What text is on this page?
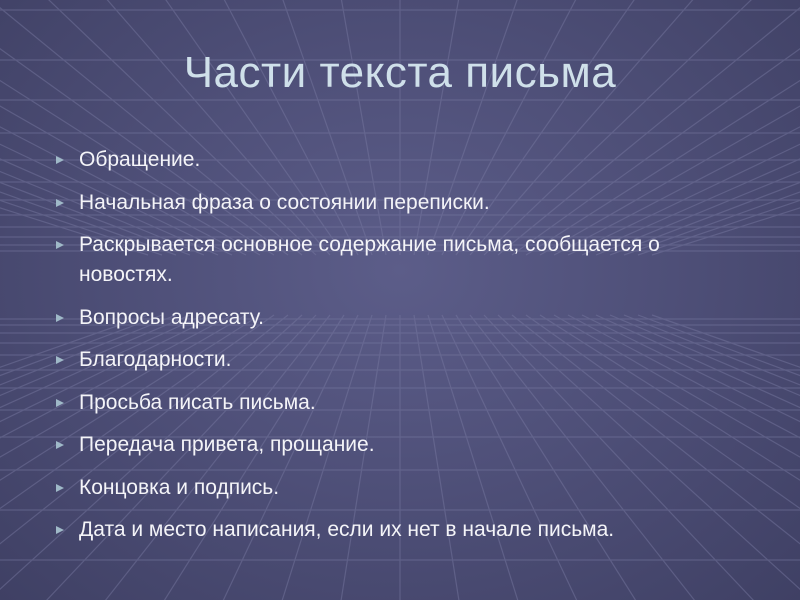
Части текста письма
Обращение.
Начальная фраза о состоянии переписки.
Раскрывается основное содержание письма, сообщается о новостях.
Вопросы адресату.
Благодарности.
Просьба писать письма.
Передача привета, прощание.
Концовка и подпись.
Дата и место написания, если их нет в начале письма.
